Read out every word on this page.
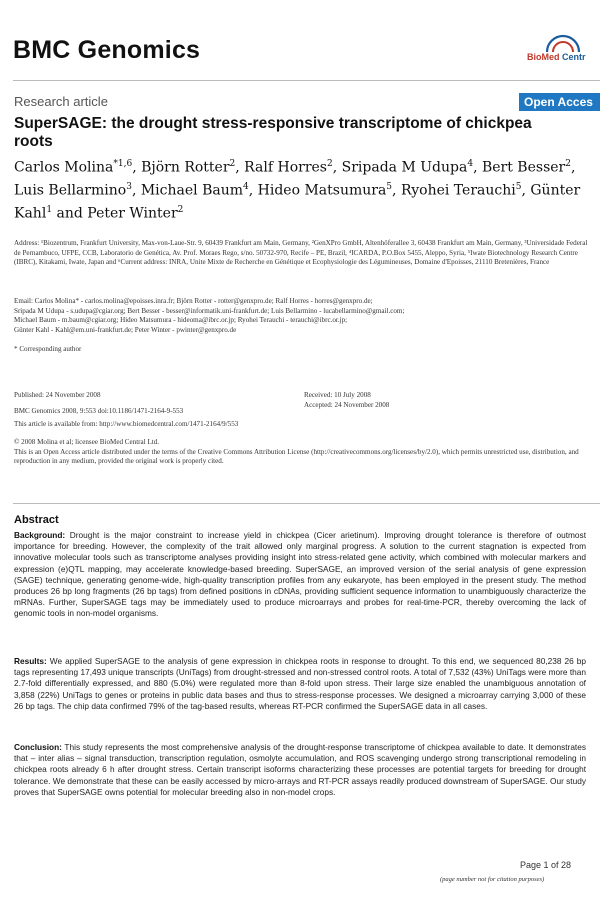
BMC Genomics	BioMed Centr
Research article	Open Acces
SuperSAGE: the drought stress-responsive transcriptome of chickpea roots
Carlos Molina$^{*1,6}$, Björn Rotter$^2$, Ralf Horres$^2$, Sripada M Udupa$^4$, Bert Besser$^2$, Luis Bellarmino$^3$, Michael Baum$^4$, Hideo Matsumura$^5$, Ryohei Terauchi$^5$, Günter Kahl$^1$ and Peter Winter$^2$
Address: ¹Biozentrum, Frankfurt University, Max-von-Laue-Str. 9, 60439 Frankfurt am Main, Germany, ²GenXPro GmbH, Altenhöferallee 3, 60438 Frankfurt am Main, Germany, ³Universidade Federal de Pernambuco, UFPE, CCB, Laboratorio de Genética, Av. Prof. Moraes Rego, s/no. 50732-970, Recife – PE, Brazil, ⁴ICARDA, P.O.Box 5455, Aleppo, Syria, ⁵Iwate Biotechnology Research Centre (IBRC), Kitakami, Iwate, Japan and ⁶Current address: INRA, Unite Mixte de Recherche en Génétique et Ecophysiologie des Légumineuses, Domaine d'Epoisses, 21110 Bretenières, France
Email: Carlos Molina* - carlos.molina@epoisses.inra.fr; Björn Rotter - rotter@genxpro.de; Ralf Horres - horres@genxpro.de;
Sripada M Udupa - s.udupa@cgiar.org; Bert Besser - besser@informatik.uni-frankfurt.de; Luis Bellarmino - lucabellarmino@gmail.com;
Michael Baum - m.baum@cgiar.org; Hideo Matsumura - hideoma@ibrc.or.jp; Ryohei Terauchi - terauchi@ibrc.or.jp;
Günter Kahl - Kahl@em.uni-frankfurt.de; Peter Winter - pwinter@genxpro.de
* Corresponding author
Published: 24 November 2008
BMC Genomics 2008, 9:553 doi:10.1186/1471-2164-9-553
Received: 10 July 2008
Accepted: 24 November 2008
This article is available from: http://www.biomedcentral.com/1471-2164/9/553
© 2008 Molina et al; licensee BioMed Central Ltd.
This is an Open Access article distributed under the terms of the Creative Commons Attribution License (http://creativecommons.org/licenses/by/2.0), which permits unrestricted use, distribution, and reproduction in any medium, provided the original work is properly cited.
Abstract
Background: Drought is the major constraint to increase yield in chickpea (Cicer arietinum). Improving drought tolerance is therefore of outmost importance for breeding. However, the complexity of the trait allowed only marginal progress. A solution to the current stagnation is expected from innovative molecular tools such as transcriptome analyses providing insight into stress-related gene activity, which combined with molecular markers and expression (e)QTL mapping, may accelerate knowledge-based breeding. SuperSAGE, an improved version of the serial analysis of gene expression (SAGE) technique, generating genome-wide, high-quality transcription profiles from any eukaryote, has been employed in the present study. The method produces 26 bp long fragments (26 bp tags) from defined positions in cDNAs, providing sufficient sequence information to unambiguously characterize the mRNAs. Further, SuperSAGE tags may be immediately used to produce microarrays and probes for real-time-PCR, thereby overcoming the lack of genomic tools in non-model organisms.
Results: We applied SuperSAGE to the analysis of gene expression in chickpea roots in response to drought. To this end, we sequenced 80,238 26 bp tags representing 17,493 unique transcripts (UniTags) from drought-stressed and non-stressed control roots. A total of 7,532 (43%) UniTags were more than 2.7-fold differentially expressed, and 880 (5.0%) were regulated more than 8-fold upon stress. Their large size enabled the unambiguous annotation of 3,858 (22%) UniTags to genes or proteins in public data bases and thus to stress-response processes. We designed a microarray carrying 3,000 of these 26 bp tags. The chip data confirmed 79% of the tag-based results, whereas RT-PCR confirmed the SuperSAGE data in all cases.
Conclusion: This study represents the most comprehensive analysis of the drought-response transcriptome of chickpea available to date. It demonstrates that – inter alias – signal transduction, transcription regulation, osmolyte accumulation, and ROS scavenging undergo strong transcriptional remodeling in chickpea roots already 6 h after drought stress. Certain transcript isoforms characterizing these processes are potential targets for breeding for drought tolerance. We demonstrate that these can be easily accessed by micro-arrays and RT-PCR assays readily produced downstream of SuperSAGE. Our study proves that SuperSAGE owns potential for molecular breeding also in non-model crops.
Page 1 of 28
(page number not for citation purposes)
